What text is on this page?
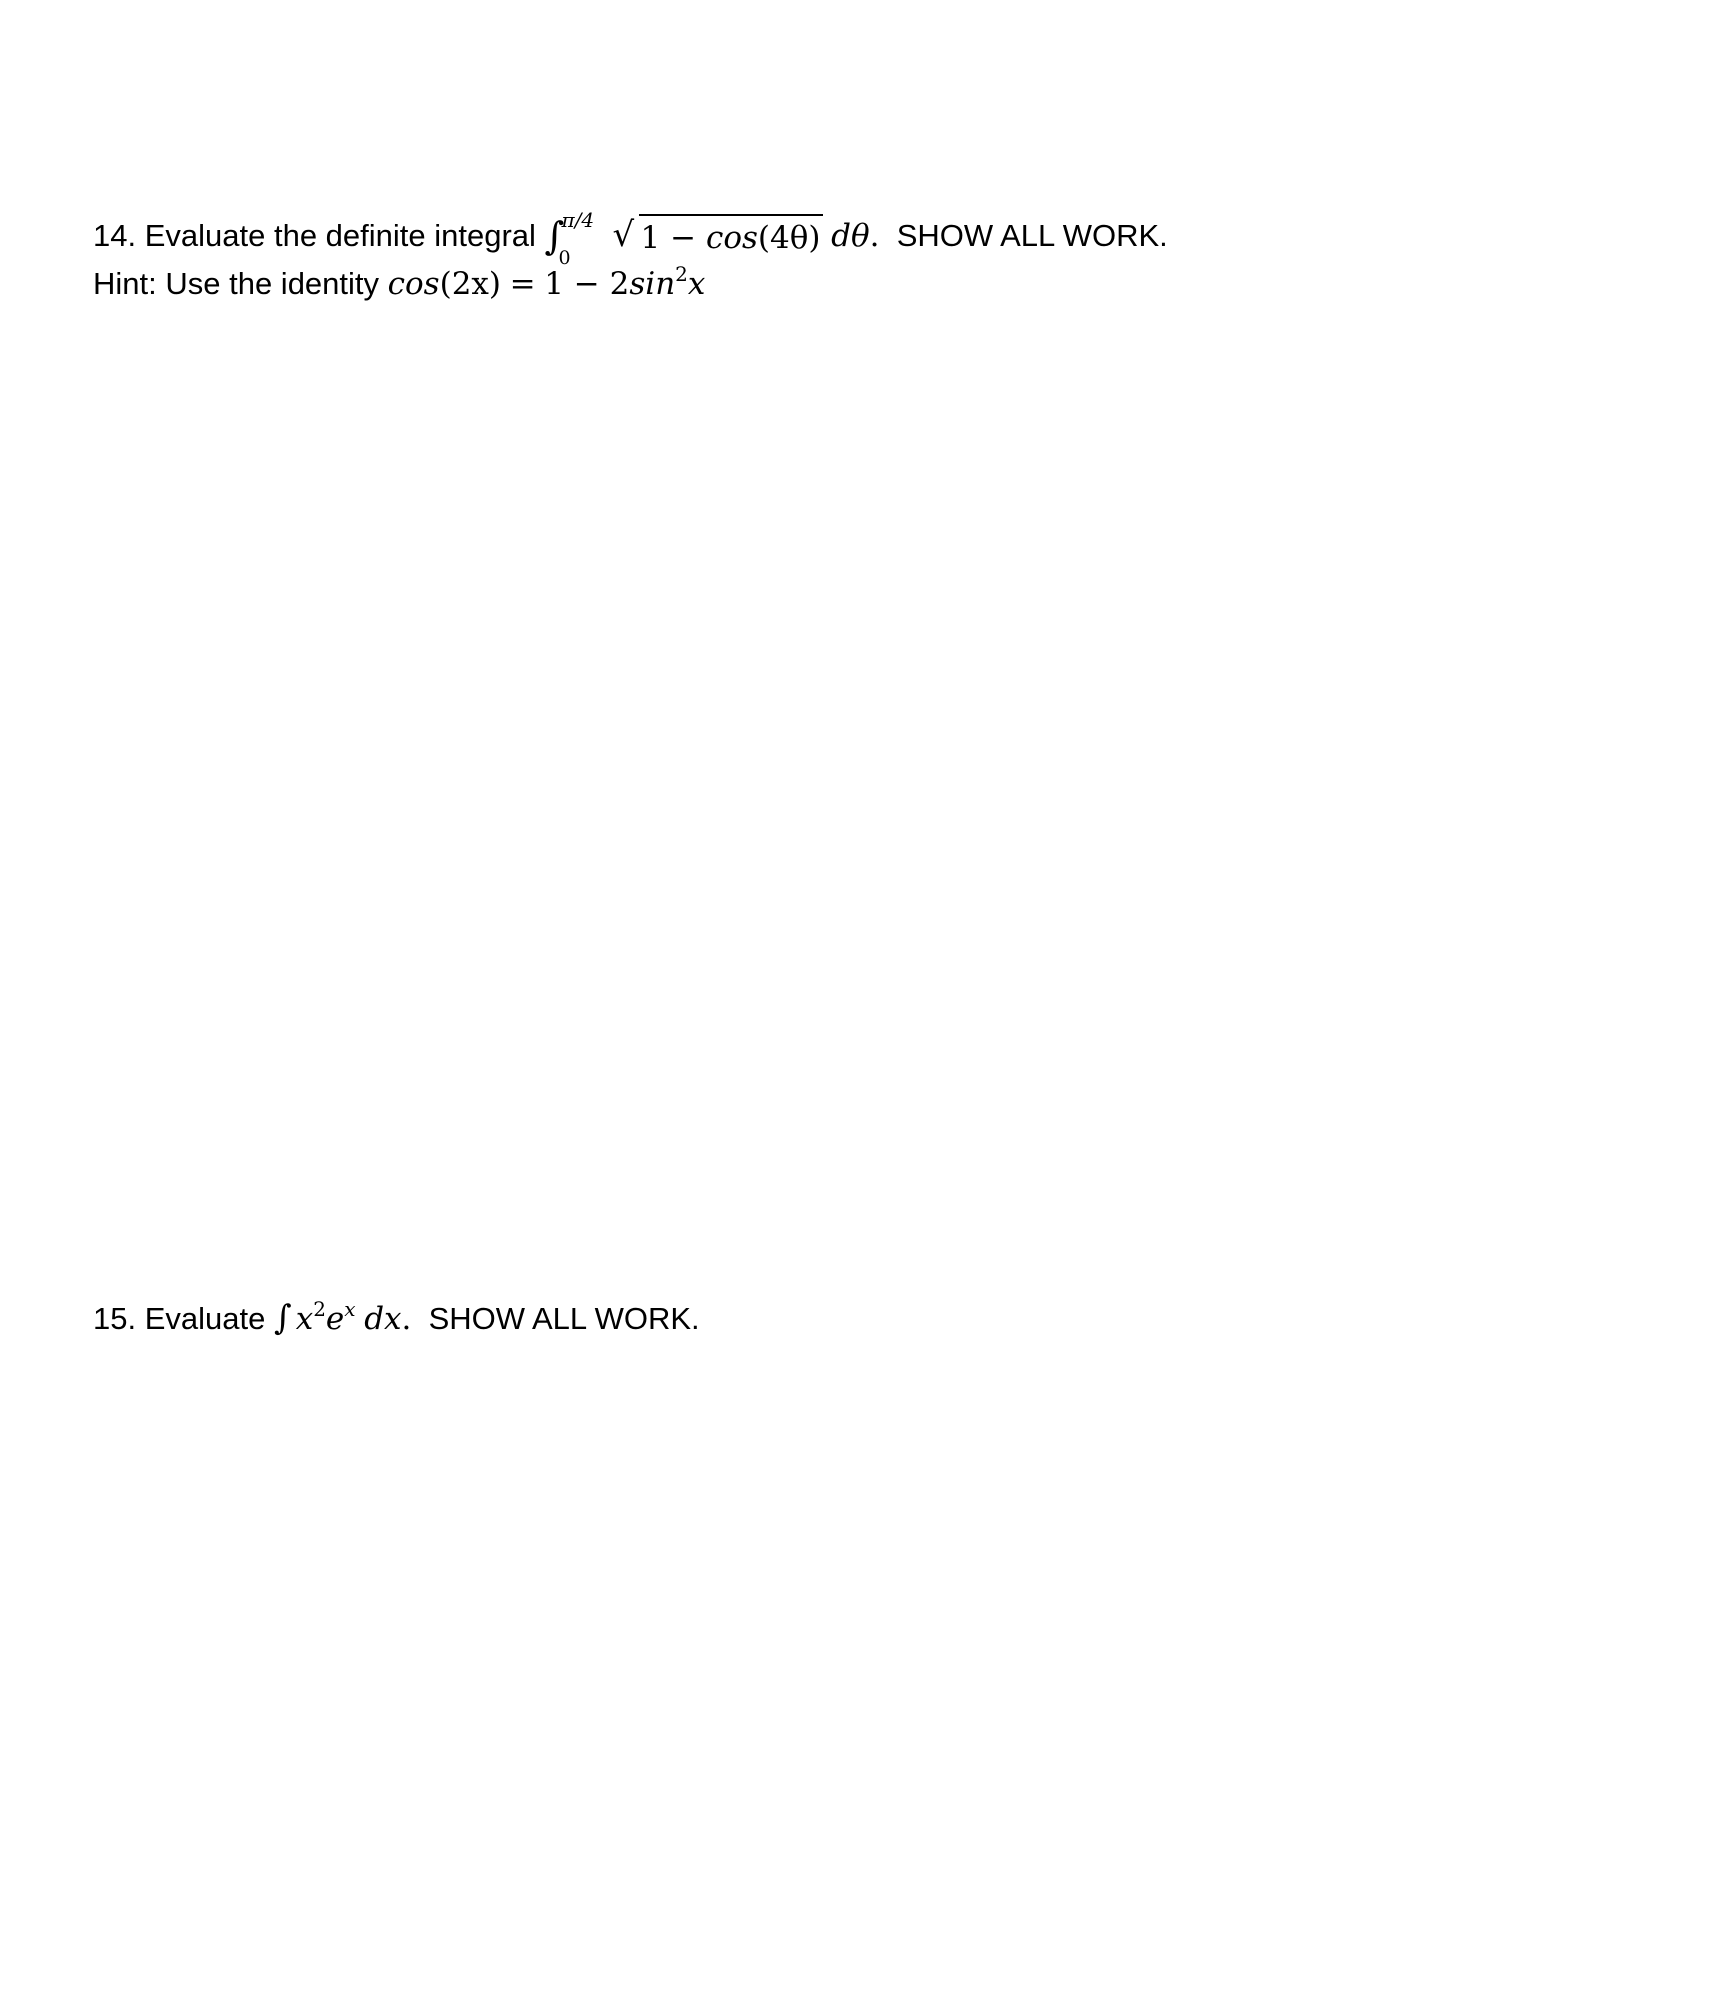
14. Evaluate the definite integral ∫
π/4
0
√ 1 − cos(4θ) dθ. SHOW ALL WORK.
Hint: Use the identity $\cos(2x) = 1 - 2\sin^2x$
15. Evaluate ∫ $x^2e^x$ dx. SHOW ALL WORK.
